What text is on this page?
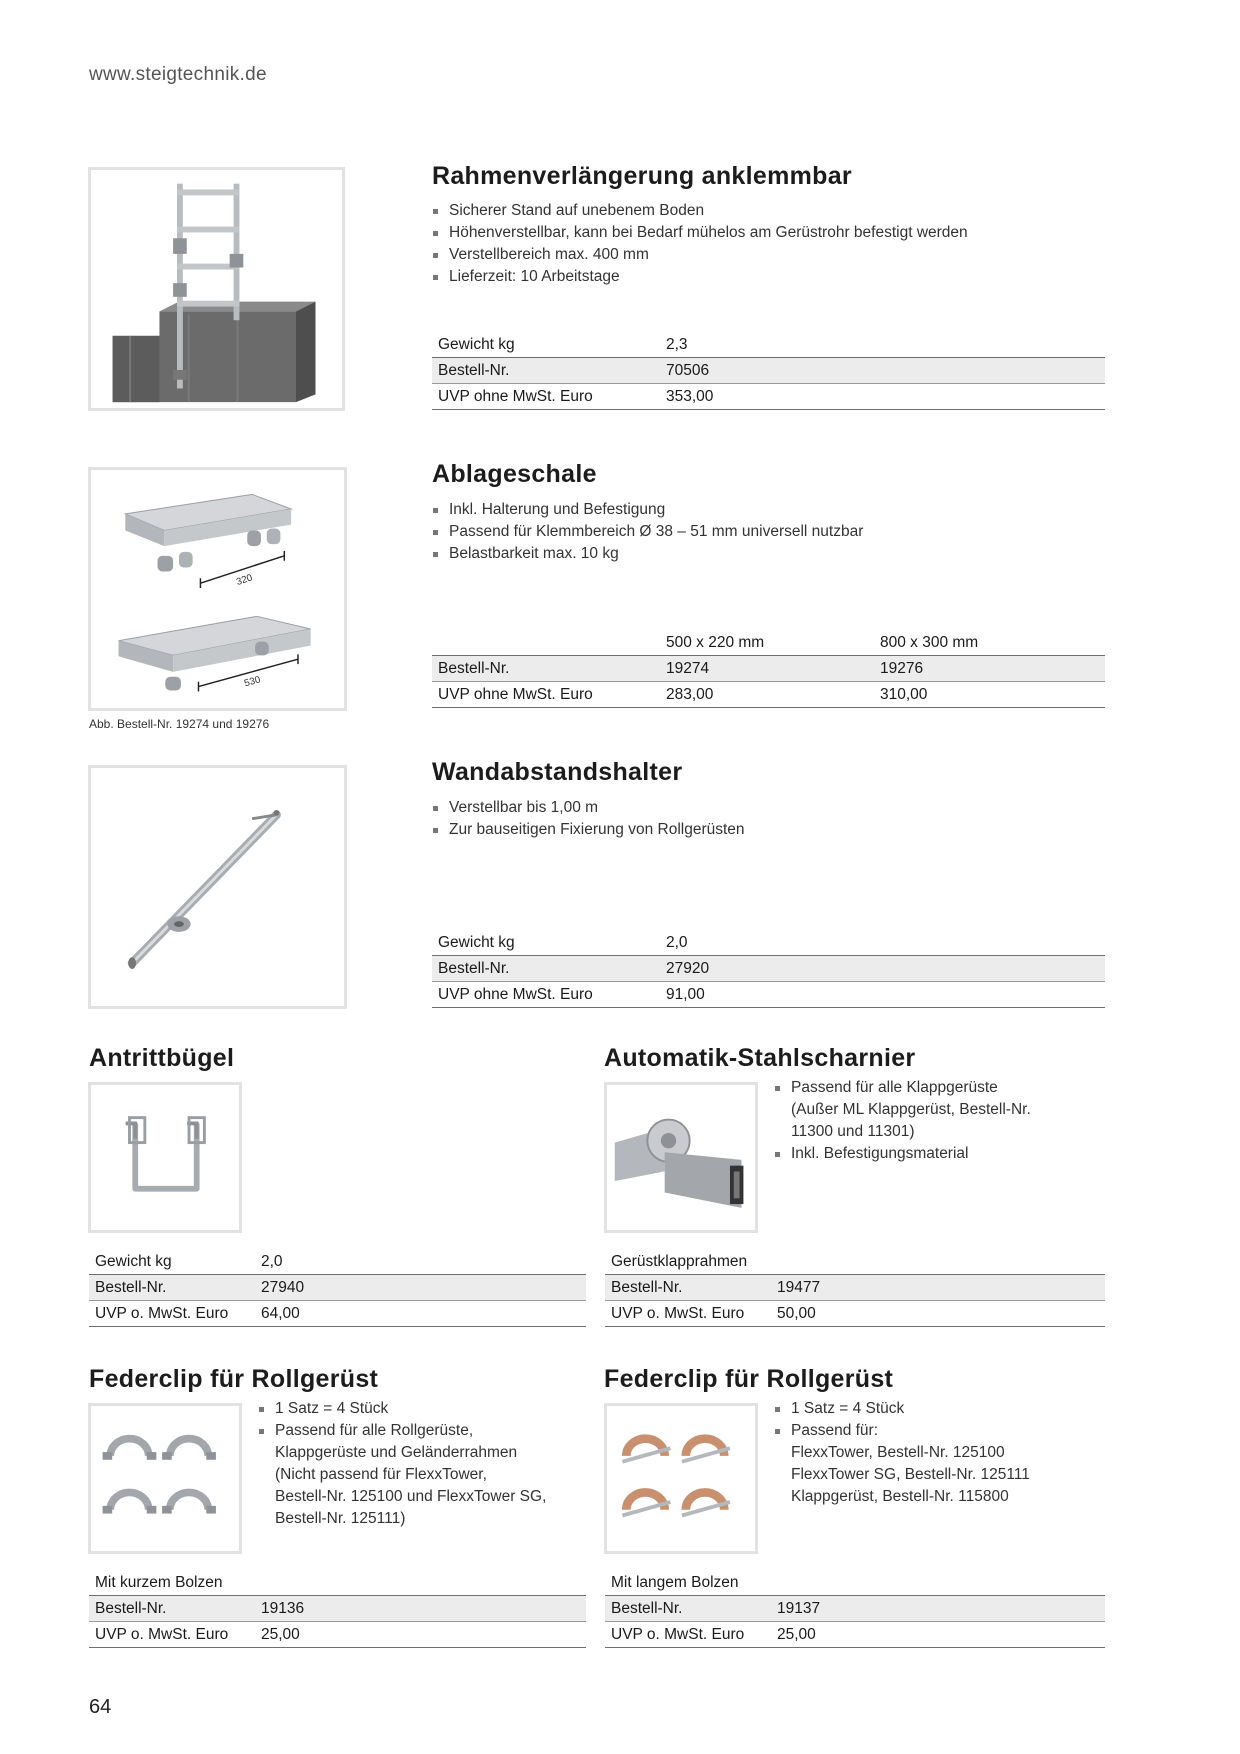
www.steigtechnik.de
Rahmenverlängerung anklemmbar
Sicherer Stand auf unebenem Boden
Höhenverstellbar, kann bei Bedarf mühelos am Gerüstrohr befestigt werden
Verstellbereich max. 400 mm
Lieferzeit: 10 Arbeitstage
Gewicht kg	2,3
Bestell-Nr.	70506
UVP ohne MwSt. Euro	353,00
320
530
Abb. Bestell-Nr. 19274 und 19276
Ablageschale
Inkl. Halterung und Befestigung
Passend für Klemmbereich Ø 38 – 51 mm universell nutzbar
Belastbarkeit max. 10 kg
	500 x 220 mm	800 x 300 mm
Bestell-Nr.	19274	19276
UVP ohne MwSt. Euro	283,00	310,00
Wandabstandshalter
Verstellbar bis 1,00 m
Zur bauseitigen Fixierung von Rollgerüsten
Gewicht kg	2,0
Bestell-Nr.	27920
UVP ohne MwSt. Euro	91,00
Antrittbügel
Gewicht kg	2,0
Bestell-Nr.	27940
UVP o. MwSt. Euro	64,00
Automatik-Stahlscharnier
Passend für alle Klappgerüste
(Außer ML Klappgerüst, Bestell-Nr.
11300 und 11301)
Inkl. Befestigungsmaterial
Gerüstklapprahmen	
Bestell-Nr.	19477
UVP o. MwSt. Euro	50,00
Federclip für Rollgerüst
1 Satz = 4 Stück
Passend für alle Rollgerüste,
Klappgerüste und Geländerrahmen
(Nicht passend für FlexxTower,
Bestell-Nr. 125100 und FlexxTower SG,
Bestell-Nr. 125111)
Mit kurzem Bolzen	
Bestell-Nr.	19136
UVP o. MwSt. Euro	25,00
Federclip für Rollgerüst
1 Satz = 4 Stück
Passend für:
FlexxTower, Bestell-Nr. 125100
FlexxTower SG, Bestell-Nr. 125111
Klappgerüst, Bestell-Nr. 115800
Mit langem Bolzen	
Bestell-Nr.	19137
UVP o. MwSt. Euro	25,00
64
